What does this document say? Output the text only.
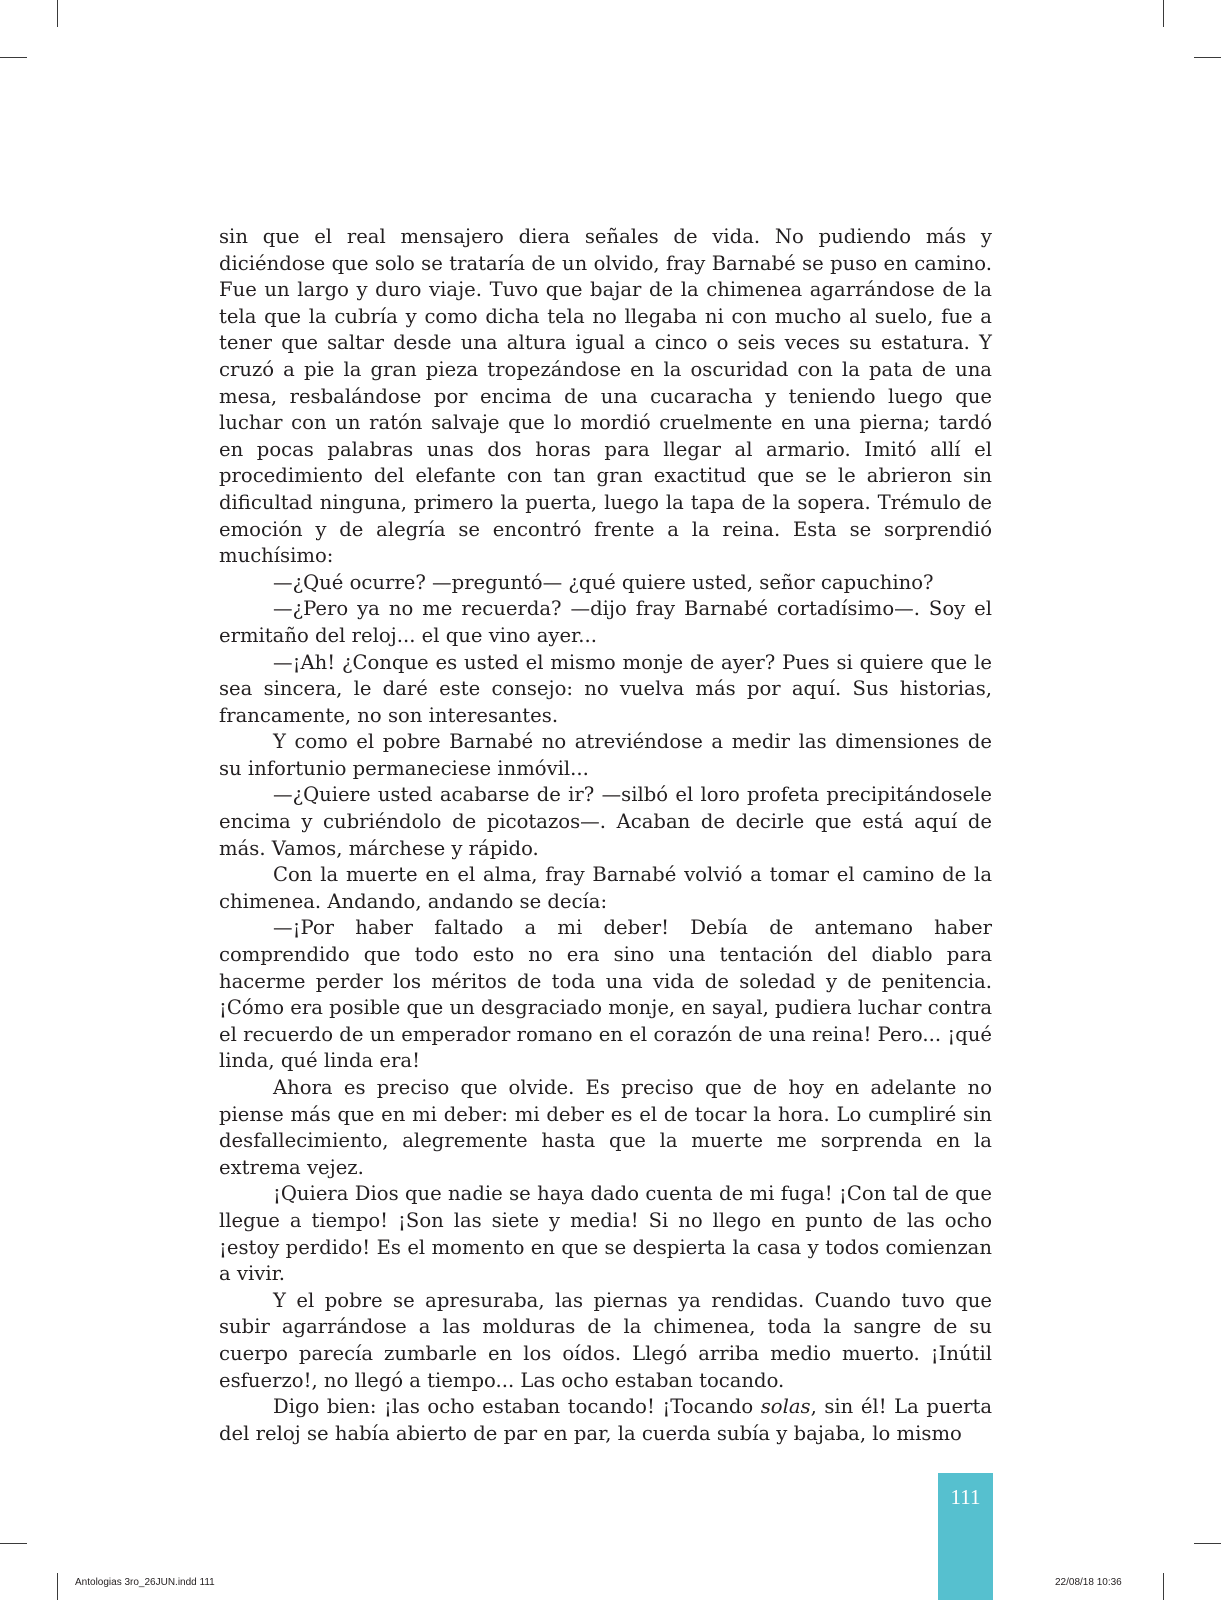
sin que el real mensajero diera señales de vida. No pudiendo más y diciéndose que solo se trataría de un olvido, fray Barnabé se puso en camino. Fue un largo y duro viaje. Tuvo que bajar de la chimenea agarrándose de la tela que la cubría y como dicha tela no llegaba ni con mucho al suelo, fue a tener que saltar desde una altura igual a cinco o seis veces su estatura. Y cruzó a pie la gran pieza tropezándose en la oscuridad con la pata de una mesa, resbalándose por encima de una cucaracha y teniendo luego que luchar con un ratón salvaje que lo mordió cruelmente en una pierna; tardó en pocas palabras unas dos horas para llegar al armario. Imitó allí el procedimiento del elefante con tan gran exactitud que se le abrieron sin dificultad ninguna, primero la puerta, luego la tapa de la sopera. Trémulo de emoción y de alegría se encontró frente a la reina. Esta se sorprendió muchísimo:

—¿Qué ocurre? —preguntó— ¿qué quiere usted, señor capuchino?

—¿Pero ya no me recuerda? —dijo fray Barnabé cortadísimo—. Soy el ermitaño del reloj... el que vino ayer...

—¡Ah! ¿Conque es usted el mismo monje de ayer? Pues si quiere que le sea sincera, le daré este consejo: no vuelva más por aquí. Sus historias, francamente, no son interesantes.

Y como el pobre Barnabé no atreviéndose a medir las dimensiones de su infortunio permaneciese inmóvil...

—¿Quiere usted acabarse de ir? —silbó el loro profeta precipitándosele encima y cubriéndolo de picotazos—. Acaban de decirle que está aquí de más. Vamos, márchese y rápido.

Con la muerte en el alma, fray Barnabé volvió a tomar el camino de la chimenea. Andando, andando se decía:

—¡Por haber faltado a mi deber! Debía de antemano haber comprendido que todo esto no era sino una tentación del diablo para hacerme perder los méritos de toda una vida de soledad y de penitencia. ¡Cómo era posible que un desgraciado monje, en sayal, pudiera luchar contra el recuerdo de un emperador romano en el corazón de una reina! Pero... ¡qué linda, qué linda era!

Ahora es preciso que olvide. Es preciso que de hoy en adelante no piense más que en mi deber: mi deber es el de tocar la hora. Lo cumpliré sin desfallecimiento, alegremente hasta que la muerte me sorprenda en la extrema vejez.

¡Quiera Dios que nadie se haya dado cuenta de mi fuga! ¡Con tal de que llegue a tiempo! ¡Son las siete y media! Si no llego en punto de las ocho ¡estoy perdido! Es el momento en que se despierta la casa y todos comienzan a vivir.

Y el pobre se apresuraba, las piernas ya rendidas. Cuando tuvo que subir agarrándose a las molduras de la chimenea, toda la sangre de su cuerpo parecía zumbarle en los oídos. Llegó arriba medio muerto. ¡Inútil esfuerzo!, no llegó a tiempo... Las ocho estaban tocando.

Digo bien: ¡las ocho estaban tocando! ¡Tocando solas, sin él! La puerta del reloj se había abierto de par en par, la cuerda subía y bajaba, lo mismo

111
Antologias 3ro_26JUN.indd 111	22/08/18 10:36
